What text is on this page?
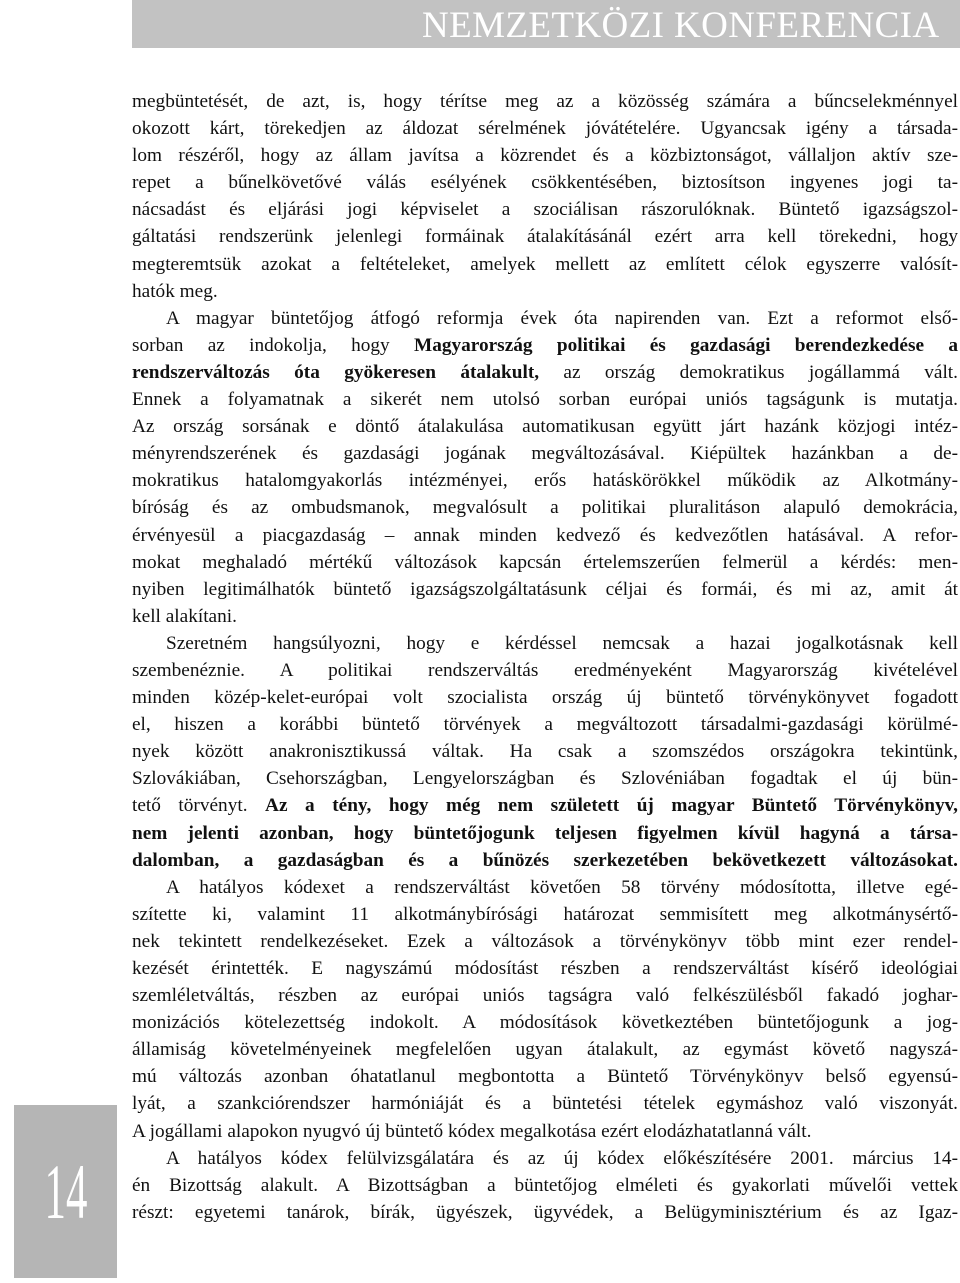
NEMZETKÖZI KONFERENCIA
megbüntetését, de azt, is, hogy térítse meg az a közösség számára a bűncselekménnyel
okozott kárt, törekedjen az áldozat sérelmének jóvátételére. Ugyancsak igény a társada-
lom részéről, hogy az állam javítsa a közrendet és a közbiztonságot, vállaljon aktív sze-
repet a bűnelkövetővé válás esélyének csökkentésében, biztosítson ingyenes jogi ta-
nácsadást és eljárási jogi képviselet a szociálisan rászorulóknak. Büntető igazságszol-
gáltatási rendszerünk jelenlegi formáinak átalakításánál ezért arra kell törekedni, hogy
megteremtsük azokat a feltételeket, amelyek mellett az említett célok egyszerre valósít-
hatók meg.
A magyar büntetőjog átfogó reformja évek óta napirenden van. Ezt a reformot első-
sorban az indokolja, hogy Magyarország politikai és gazdasági berendezkedése a
rendszerváltozás óta gyökeresen átalakult, az ország demokratikus jogállammá vált.
Ennek a folyamatnak a sikerét nem utolsó sorban európai uniós tagságunk is mutatja.
Az ország sorsának e döntő átalakulása automatikusan együtt járt hazánk közjogi intéz-
ményrendszerének és gazdasági jogának megváltozásával. Kiépültek hazánkban a de-
mokratikus hatalomgyakorlás intézményei, erős hatáskörökkel működik az Alkotmány-
bíróság és az ombudsmanok, megvalósult a politikai pluralitáson alapuló demokrácia,
érvényesül a piacgazdaság – annak minden kedvező és kedvezőtlen hatásával. A refor-
mokat meghaladó mértékű változások kapcsán értelemszerűen felmerül a kérdés: men-
nyiben legitimálhatók büntető igazságszolgáltatásunk céljai és formái, és mi az, amit át
kell alakítani.
Szeretném hangsúlyozni, hogy e kérdéssel nemcsak a hazai jogalkotásnak kell
szembenéznie. A politikai rendszerváltás eredményeként Magyarország kivételével
minden közép-kelet-európai volt szocialista ország új büntető törvénykönyvet fogadott
el, hiszen a korábbi büntető törvények a megváltozott társadalmi-gazdasági körülmé-
nyek között anakronisztikussá váltak. Ha csak a szomszédos országokra tekintünk,
Szlovákiában, Csehországban, Lengyelországban és Szlovéniában fogadtak el új bün-
tető törvényt. Az a tény, hogy még nem született új magyar Büntető Törvénykönyv,
nem jelenti azonban, hogy büntetőjogunk teljesen figyelmen kívül hagyná a társa-
dalomban, a gazdaságban és a bűnözés szerkezetében bekövetkezett változásokat.
A hatályos kódexet a rendszerváltást követően 58 törvény módosította, illetve egé-
szítette ki, valamint 11 alkotmánybírósági határozat semmisített meg alkotmánysértő-
nek tekintett rendelkezéseket. Ezek a változások a törvénykönyv több mint ezer rendel-
kezését érintették. E nagyszámú módosítást részben a rendszerváltást kísérő ideológiai
szemléletváltás, részben az európai uniós tagságra való felkészülésből fakadó joghar-
monizációs kötelezettség indokolt. A módosítások következtében büntetőjogunk a jog-
államiság követelményeinek megfelelően ugyan átalakult, az egymást követő nagyszá-
mú változás azonban óhatatlanul megbontotta a Büntető Törvénykönyv belső egyensú-
lyát, a szankciórendszer harmóniáját és a büntetési tételek egymáshoz való viszonyát.
A jogállami alapokon nyugvó új büntető kódex megalkotása ezért elodázhatatlanná vált.
A hatályos kódex felülvizsgálatára és az új kódex előkészítésére 2001. március 14-
én Bizottság alakult. A Bizottságban a büntetőjog elméleti és gyakorlati művelői vettek
részt: egyetemi tanárok, bírák, ügyészek, ügyvédek, a Belügyminisztérium és az Igaz-
14
